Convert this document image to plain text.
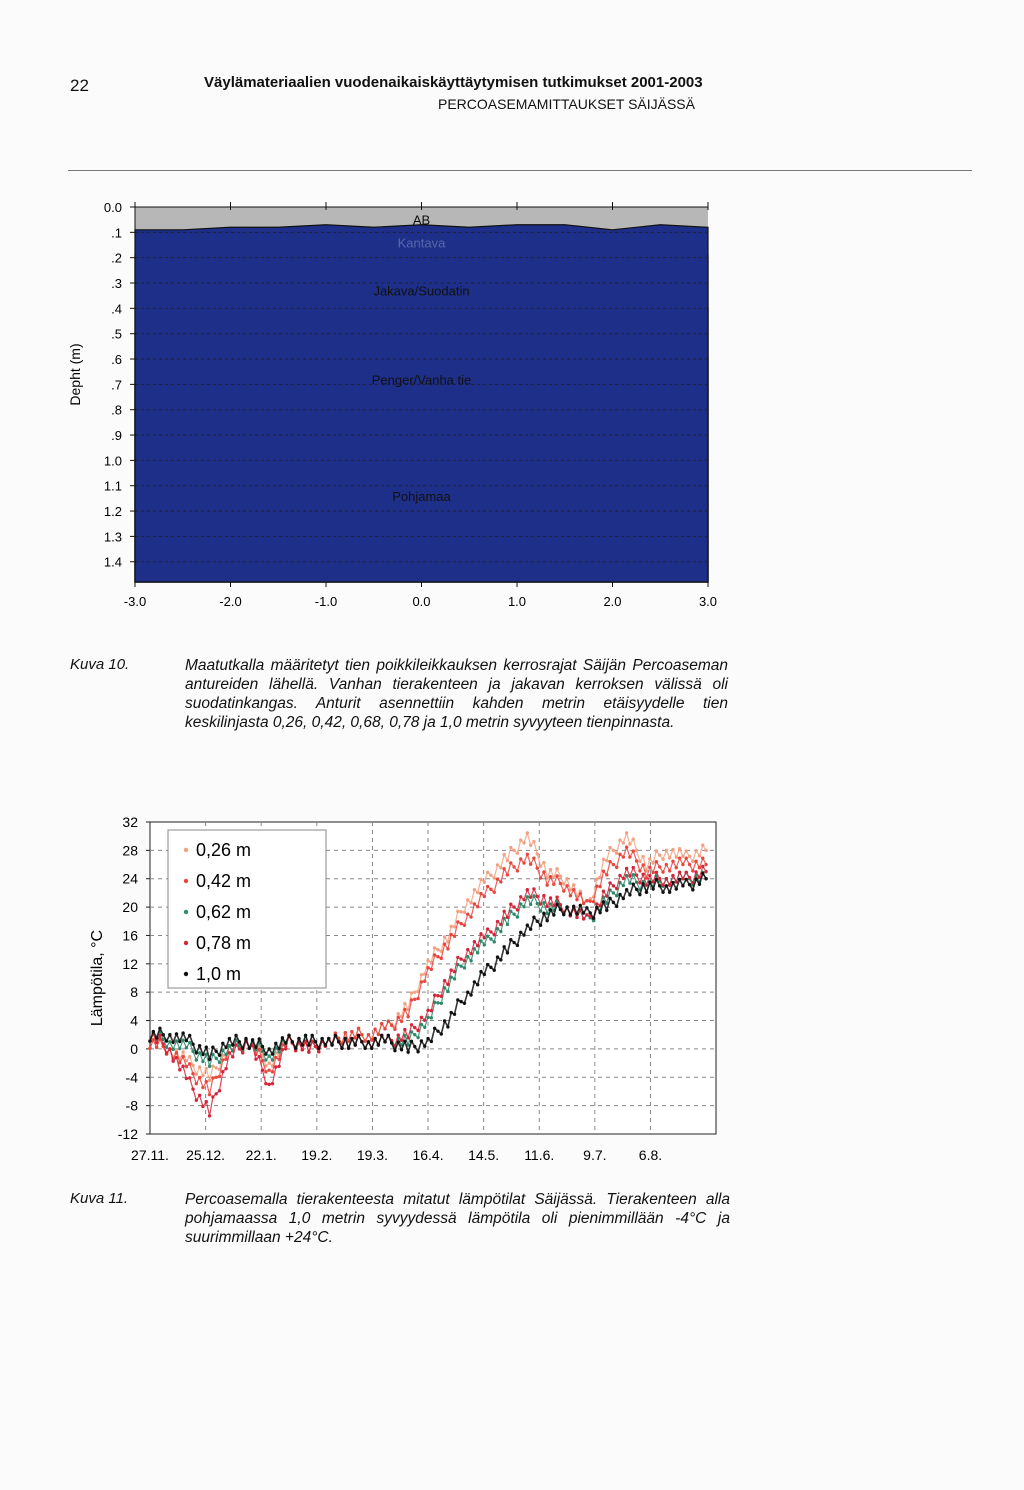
22	Väylämateriaalien vuodenaikaiskäyttäytymisen tutkimukset 2001-2003
PERCOASEMAMITTAUKSET SÄIJÄSSÄ
0.0
.1
.2
.3
.4
.5
.6
.7
.8
.9
1.0
1.1
1.2
1.3
1.4
-3.0	-2.0	-1.0	0.0	1.0	2.0	3.0
Depht (m)
AB
Kantava
Jakava/Suodatin
Penger/Vanha tie
Pohjamaa
Kuva 10.	Maatutkalla määritetyt tien poikkileikkauksen kerrosrajat Säijän Percoaseman antureiden lähellä. Vanhan tierakenteen ja jakavan kerroksen välissä oli suodatinkangas. Anturit asennettiin kahden metrin etäisyydelle tien keskilinjasta 0,26, 0,42, 0,68, 0,78 ja 1,0 metrin syvyyteen tienpinnasta.
32
28
24
20
16
12
8
4
0
-4
-8
-12
27.11. 25.12. 22.1. 19.2. 19.3. 16.4. 14.5. 11.6. 9.7. 6.8.
Lämpötila, °C
0,26 m
0,42 m
0,62 m
0,78 m
1,0 m
Kuva 11.	Percoasemalla tierakenteesta mitatut lämpötilat Säijässä. Tierakenteen alla pohjamaassa 1,0 metrin syvyydessä lämpötila oli pienimmillään -4°C ja suurimmillaan +24°C.
